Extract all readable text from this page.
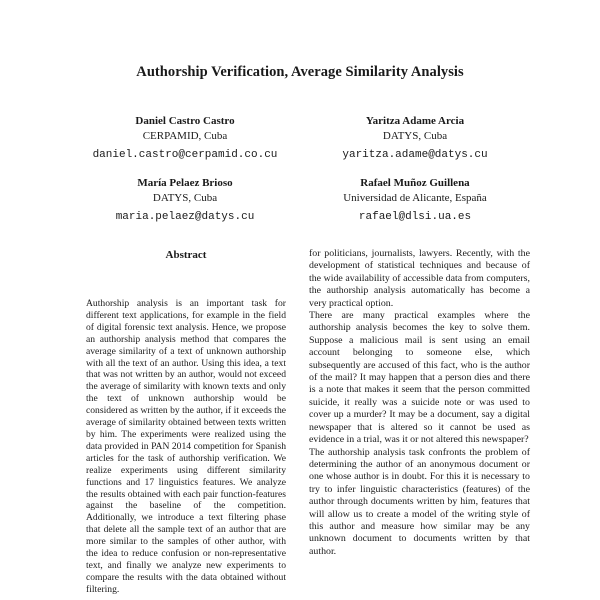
Authorship Verification, Average Similarity Analysis
Daniel Castro Castro
CERPAMID, Cuba
daniel.castro@cerpamid.co.cu
Yaritza Adame Arcia
DATYS, Cuba
yaritza.adame@datys.cu
María Pelaez Brioso
DATYS, Cuba
maria.pelaez@datys.cu
Rafael Muñoz Guillena
Universidad de Alicante, España
rafael@dlsi.ua.es
Abstract

Authorship analysis is an important task for different text applications, for example in the field of digital forensic text analysis. Hence, we propose an authorship analysis method that compares the average similarity of a text of unknown authorship with all the text of an author. Using this idea, a text that was not written by an author, would not exceed the average of similarity with known texts and only the text of unknown authorship would be considered as written by the author, if it exceeds the average of similarity obtained between texts written by him. The experiments were realized using the data provided in PAN 2014 competition for Spanish articles for the task of authorship verification. We realize experiments using different similarity functions and 17 linguistics features. We analyze the results obtained with each pair function-features against the baseline of the competition. Additionally, we introduce a text filtering phase that delete all the sample text of an author that are more similar to the samples of other author, with the idea to reduce confusion or non-representative text, and finally we analyze new experiments to compare the results with the data obtained without filtering.

for politicians, journalists, lawyers. Recently, with the development of statistical techniques and because of the wide availability of accessible data from computers, the authorship analysis automatically has become a very practical option.

There are many practical examples where the authorship analysis becomes the key to solve them. Suppose a malicious mail is sent using an email account belonging to someone else, which subsequently are accused of this fact, who is the author of the mail? It may happen that a person dies and there is a note that makes it seem that the person committed suicide, it really was a suicide note or was used to cover up a murder? It may be a document, say a digital newspaper that is altered so it cannot be used as evidence in a trial, was it or not altered this newspaper?

The authorship analysis task confronts the problem of determining the author of an anonymous document or one whose author is in doubt. For this it is necessary to try to infer linguistic characteristics (features) of the author through documents written by him, features that will allow us to create a model of the writing style of this author and measure how similar may be any unknown document to documents written by that author.
